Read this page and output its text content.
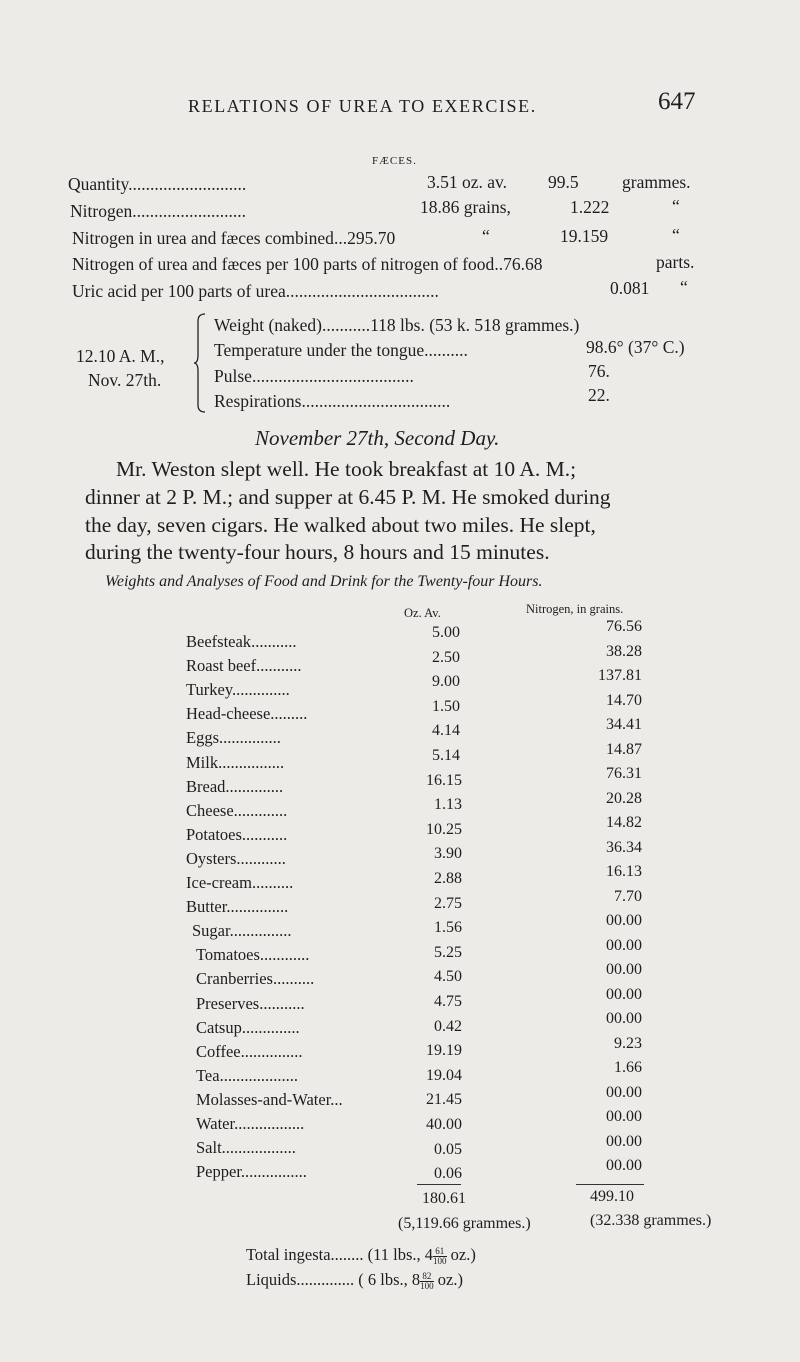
RELATIONS OF UREA TO EXERCISE.	647
FÆCES.
Quantity...........................	3.51 oz. av. 99.5 grammes.
Nitrogen..........................	18.86 grains,	1.222	“
Nitrogen in urea and fæces combined...295.70	“	19.159	“
Nitrogen of urea and fæces per 100 parts of nitrogen of food..76.68	parts.
Uric acid per 100 parts of urea...................................	0.081 “
12.10 A. M.,
Nov. 27th.
Weight (naked)...........118 lbs. (53 k. 518 grammes.)
Temperature under the tongue..........	98.6° (37° C.)
Pulse.....................................	76.
Respirations..................................	22.
November 27th, Second Day.
Mr. Weston slept well. He took breakfast at 10 A. M.;
dinner at 2 P. M.; and supper at 6.45 P. M. He smoked during
the day, seven cigars. He walked about two miles. He slept,
during the twenty-four hours, 8 hours and 15 minutes.
Weights and Analyses of Food and Drink for the Twenty-four Hours.
Oz. Av.	Nitrogen, in grains.
Beefsteak...........	5.00	76.56
Roast beef...........	2.50	38.28
Turkey..............	9.00	137.81
Head-cheese.........	1.50	14.70
Eggs...............	4.14	34.41
Milk................	5.14	14.87
Bread..............	16.15	76.31
Cheese.............	1.13	20.28
Potatoes...........	10.25	14.82
Oysters............	3.90	36.34
Ice-cream..........	2.88	16.13
Butter...............	2.75	7.70
Sugar...............	1.56	00.00
Tomatoes............	5.25	00.00
Cranberries..........	4.50	00.00
Preserves...........	4.75	00.00
Catsup..............	0.42	00.00
Coffee...............	19.19	9.23
Tea...................	19.04	1.66
Molasses-and-Water...	21.45	00.00
Water.................	40.00	00.00
Salt..................	0.05	00.00
Pepper................	0.06	00.00
180.61	499.10
(5,119.66 grammes.)	(32.338 grammes.)
Total ingesta........ (11 lbs., $4 \frac{61}{100} oz$.)
Liquids.............. ( 6 lbs., $8 \frac{82}{100} oz$.)
